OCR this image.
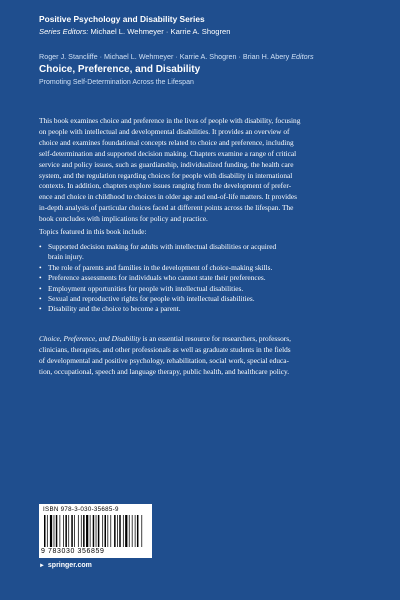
Positive Psychology and Disability Series
Series Editors: Michael L. Wehmeyer · Karrie A. Shogren
Roger J. Stancliffe · Michael L. Wehmeyer · Karrie A. Shogren · Brian H. Abery Editors
Choice, Preference, and Disability
Promoting Self-Determination Across the Lifespan

This book examines choice and preference in the lives of people with disability, focusing
on people with intellectual and developmental disabilities. It provides an overview of
choice and examines foundational concepts related to choice and preference, including
self-determination and supported decision making. Chapters examine a range of critical
service and policy issues, such as guardianship, individualized funding, the health care
system, and the regulation regarding choices for people with disability in international
contexts. In addition, chapters explore issues ranging from the development of prefer-
ence and choice in childhood to choices in older age and end-of-life matters. It provides
in-depth analysis of particular choices faced at different points across the lifespan. The
book concludes with implications for policy and practice.

Topics featured in this book include:
• Supported decision making for adults with intellectual disabilities or acquired
brain injury.
• The role of parents and families in the development of choice-making skills.
• Preference assessments for individuals who cannot state their preferences.
• Employment opportunities for people with intellectual disabilities.
• Sexual and reproductive rights for people with intellectual disabilities.
• Disability and the choice to become a parent.
Choice, Preference, and Disability is an essential resource for researchers, professors,
clinicians, therapists, and other professionals as well as graduate students in the fields
of developmental and positive psychology, rehabilitation, social work, special educa-
tion, occupational, speech and language therapy, public health, and healthcare policy.
ISBN 978-3-030-35685-9
9 783030 356859
► springer.com
